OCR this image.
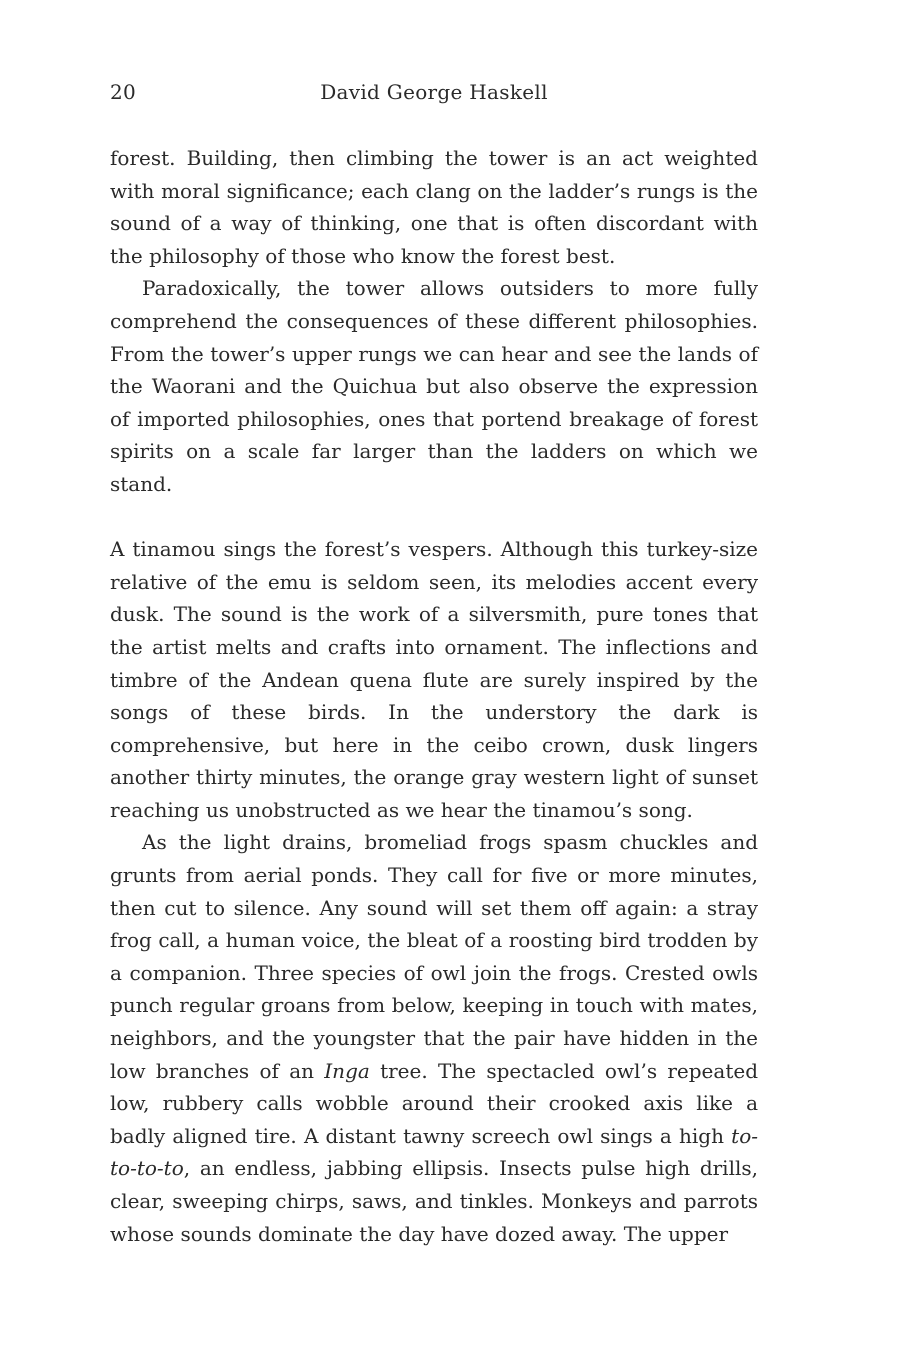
20	David George Haskell

forest. Building, then climbing the tower is an act weighted with moral significance; each clang on the ladder’s rungs is the sound of a way of thinking, one that is often discordant with the philosophy of those who know the forest best.

Paradoxically, the tower allows outsiders to more fully comprehend the consequences of these different philosophies. From the tower’s upper rungs we can hear and see the lands of the Waorani and the Quichua but also observe the expression of imported philosophies, ones that portend breakage of forest spirits on a scale far larger than the ladders on which we stand.

A tinamou sings the forest’s vespers. Although this turkey-size relative of the emu is seldom seen, its melodies accent every dusk. The sound is the work of a silversmith, pure tones that the artist melts and crafts into ornament. The inflections and timbre of the Andean quena flute are surely inspired by the songs of these birds. In the understory the dark is comprehensive, but here in the ceibo crown, dusk lingers another thirty minutes, the orange gray western light of sunset reaching us unobstructed as we hear the tinamou’s song.

As the light drains, bromeliad frogs spasm chuckles and grunts from aerial ponds. They call for five or more minutes, then cut to silence. Any sound will set them off again: a stray frog call, a human voice, the bleat of a roosting bird trodden by a companion. Three species of owl join the frogs. Crested owls punch regular groans from below, keeping in touch with mates, neighbors, and the youngster that the pair have hidden in the low branches of an Inga tree. The spectacled owl’s repeated low, rubbery calls wobble around their crooked axis like a badly aligned tire. A distant tawny screech owl sings a high to-to-to-to, an endless, jabbing ellipsis. Insects pulse high drills, clear, sweeping chirps, saws, and tinkles. Monkeys and parrots whose sounds dominate the day have dozed away. The upper
